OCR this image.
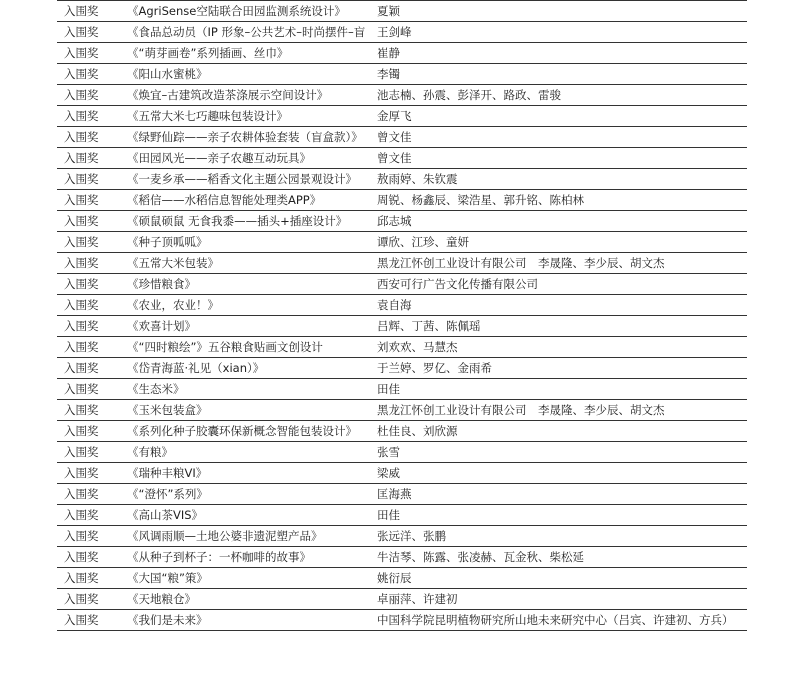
入围奖	《AgriSense空陆联合田园监测系统设计》	夏颖
入围奖	《食品总动员（IP 形象–公共艺术–时尚摆件–盲	王剑峰
入围奖	《“萌芽画卷”系列插画、丝巾》	崔静
入围奖	《阳山水蜜桃》	李镯
入围奖	《焕宜–古建筑改造茶涤展示空间设计》	池志楠、孙震、彭泽开、路政、雷骏
入围奖	《五常大米七巧趣味包装设计》	金厚飞
入围奖	《绿野仙踪——亲子农耕体验套装（盲盒款）》	曾文佳
入围奖	《田园风光——亲子农趣互动玩具》	曾文佳
入围奖	《一麦乡承——稻香文化主题公园景观设计》	敖雨婷、朱钦震
入围奖	《稻信——水稻信息智能处理类APP》	周锐、杨鑫辰、梁浩星、郭升铭、陈柏林
入围奖	《硕鼠硕鼠 无食我黍——插头+插座设计》	邱志城
入围奖	《种子顶呱呱》	谭欣、江珍、童妍
入围奖	《五常大米包装》	黑龙江怀创工业设计有限公司　李晟隆、李少辰、胡文杰
入围奖	《珍惜粮食》	西安可行广告文化传播有限公司
入围奖	《农业，农业！》	袁自海
入围奖	《欢喜计划》	吕辉、丁茜、陈佩瑶
入围奖	《“四时粮绘”》五谷粮食贴画文创设计	刘欢欢、马慧杰
入围奖	《岱青海蓝·礼见（xian）》	于兰婷、罗亿、金雨希
入围奖	《生态米》	田佳
入围奖	《玉米包装盒》	黑龙江怀创工业设计有限公司　李晟隆、李少辰、胡文杰
入围奖	《系列化种子胶囊环保新概念智能包装设计》	杜佳良、刘欣源
入围奖	《有粮》	张雪
入围奖	《瑞种丰粮VI》	梁威
入围奖	《“澄怀”系列》	匡海燕
入围奖	《高山茶VIS》	田佳
入围奖	《风调雨顺—土地公婆非遗泥塑产品》	张远洋、张鹏
入围奖	《从种子到杯子：一杯咖啡的故事》	牛洁琴、陈露、张凌赫、瓦金秋、柴松延
入围奖	《大国“粮”策》	姚衍辰
入围奖	《天地粮仓》	卓丽萍、许建初
入围奖	《我们是未来》	中国科学院昆明植物研究所山地未来研究中心（吕宾、许建初、方兵）
